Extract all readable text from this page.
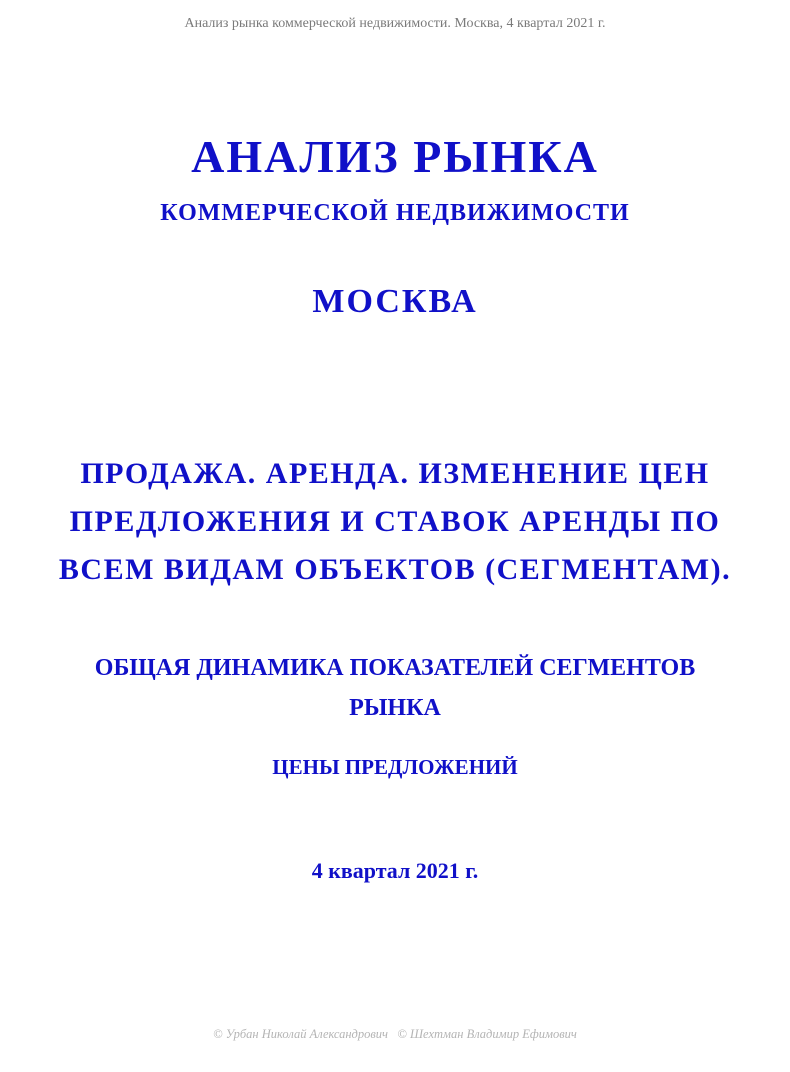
Анализ рынка коммерческой недвижимости. Москва, 4 квартал 2021 г.
АНАЛИЗ РЫНКА
КОММЕРЧЕСКОЙ НЕДВИЖИМОСТИ
МОСКВА
ПРОДАЖА. АРЕНДА. ИЗМЕНЕНИЕ ЦЕН
ПРЕДЛОЖЕНИЯ И СТАВОК АРЕНДЫ ПО
ВСЕМ ВИДАМ ОБЪЕКТОВ (СЕГМЕНТАМ).
ОБЩАЯ ДИНАМИКА ПОКАЗАТЕЛЕЙ СЕГМЕНТОВ
РЫНКА
ЦЕНЫ ПРЕДЛОЖЕНИЙ
4 квартал 2021 г.
© Урбан Николай Александрович   © Шехтман Владимир Ефимович
